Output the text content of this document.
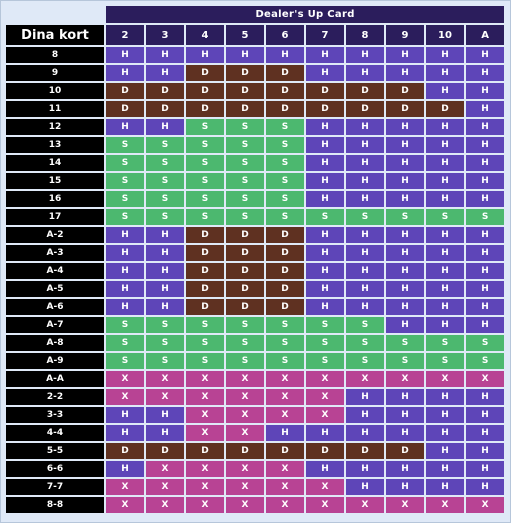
	Dealer's Up Card									
Dina kort	2	3	4	5	6	7	8	9	10	A
8	H	H	H	H	H	H	H	H	H	H
9	H	H	D	D	D	H	H	H	H	H
10	D	D	D	D	D	D	D	D	H	H
11	D	D	D	D	D	D	D	D	D	H
12	H	H	S	S	S	H	H	H	H	H
13	S	S	S	S	S	H	H	H	H	H
14	S	S	S	S	S	H	H	H	H	H
15	S	S	S	S	S	H	H	H	H	H
16	S	S	S	S	S	H	H	H	H	H
17	S	S	S	S	S	S	S	S	S	S
A-2	H	H	D	D	D	H	H	H	H	H
A-3	H	H	D	D	D	H	H	H	H	H
A-4	H	H	D	D	D	H	H	H	H	H
A-5	H	H	D	D	D	H	H	H	H	H
A-6	H	H	D	D	D	H	H	H	H	H
A-7	S	S	S	S	S	S	S	H	H	H
A-8	S	S	S	S	S	S	S	S	S	S
A-9	S	S	S	S	S	S	S	S	S	S
A-A	X	X	X	X	X	X	X	X	X	X
2-2	X	X	X	X	X	X	H	H	H	H
3-3	H	H	X	X	X	X	H	H	H	H
4-4	H	H	X	X	H	H	H	H	H	H
5-5	D	D	D	D	D	D	D	D	H	H
6-6	H	X	X	X	X	H	H	H	H	H
7-7	X	X	X	X	X	X	H	H	H	H
8-8	X	X	X	X	X	X	X	X	X	X
